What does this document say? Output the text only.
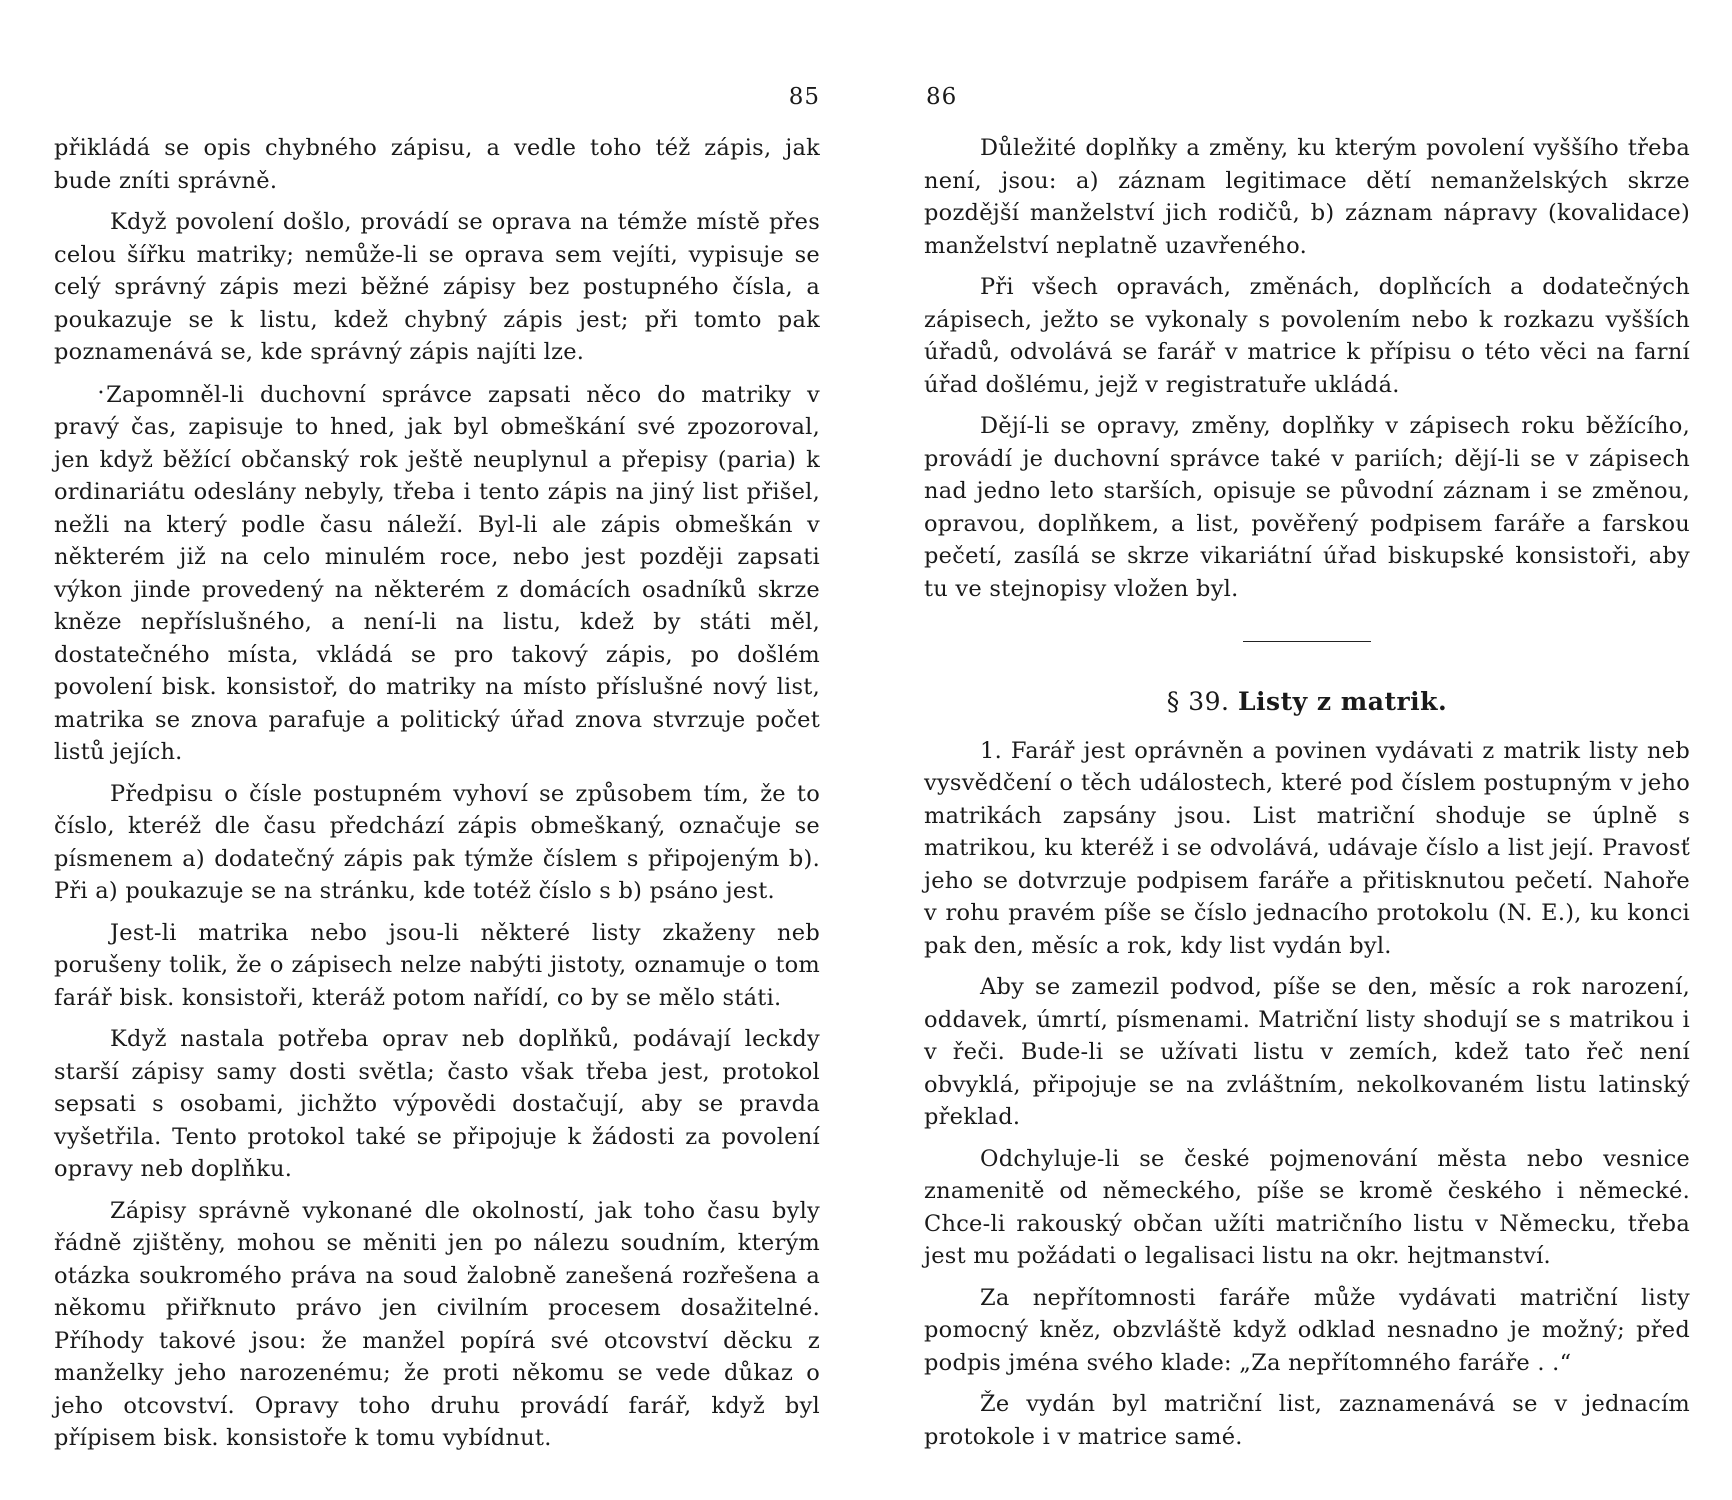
85

přikládá se opis chybného zápisu, a vedle toho též zápis, jak bude zníti správně.

Když povolení došlo, provádí se oprava na témže místě přes celou šířku matriky; nemůže-li se oprava sem vejíti, vypisuje se celý správný zápis mezi běžné zápisy bez postupného čísla, a poukazuje se k listu, kdež chybný zápis jest; při tomto pak poznamenává se, kde správný zápis najíti lze.

• Zapomněl-li duchovní správce zapsati něco do matriky v pravý čas, zapisuje to hned, jak byl obmeškání své zpozoroval, jen když běžící občanský rok ještě neuplynul a přepisy (paria) k ordinariátu odeslány nebyly, třeba i tento zápis na jiný list přišel, nežli na který podle času náleží. Byl-li ale zápis obmeškán v některém již na celo minulém roce, nebo jest později zapsati výkon jinde provedený na některém z domácích osadníků skrze kněze nepříslušného, a není-li na listu, kdež by státi měl, dostatečného místa, vkládá se pro takový zápis, po došlém povolení bisk. konsistoř, do matriky na místo příslušné nový list, matrika se znova parafuje a politický úřad znova stvrzuje počet listů jejích.

Předpisu o čísle postupném vyhoví se způsobem tím, že to číslo, kteréž dle času předchází zápis obmeškaný, označuje se písmenem a) dodatečný zápis pak týmže číslem s připojeným b). Při a) poukazuje se na stránku, kde totéž číslo s b) psáno jest.

Jest-li matrika nebo jsou-li některé listy zkaženy neb porušeny tolik, že o zápisech nelze nabýti jistoty, oznamuje o tom farář bisk. konsistoři, kteráž potom nařídí, co by se mělo státi.

Když nastala potřeba oprav neb doplňků, podávají leckdy starší zápisy samy dosti světla; často však třeba jest, protokol sepsati s osobami, jichžto výpovědi dostačují, aby se pravda vyšetřila. Tento protokol také se připojuje k žádosti za povolení opravy neb doplňku.

Zápisy správně vykonané dle okolností, jak toho času byly řádně zjištěny, mohou se měniti jen po nálezu soudním, kterým otázka soukromého práva na soud žalobně zanešená rozřešena a někomu přiřknuto právo jen civilním procesem dosažitelné. Příhody takové jsou: že manžel popírá své otcovství děcku z manželky jeho narozenému; že proti někomu se vede důkaz o jeho otcovství. Opravy toho druhu provádí farář, když byl přípisem bisk. konsistoře k tomu vybídnut.

86

Důležité doplňky a změny, ku kterým povolení vyššího třeba není, jsou: a) záznam legitimace dětí nemanželských skrze pozdější manželství jich rodičů, b) záznam nápravy (kovalidace) manželství neplatně uzavřeného.

Při všech opravách, změnách, doplňcích a dodatečných zápisech, ježto se vykonaly s povolením nebo k rozkazu vyšších úřadů, odvolává se farář v matrice k přípisu o této věci na farní úřad došlému, jejž v registratuře ukládá.

Dějí-li se opravy, změny, doplňky v zápisech roku běžícího, provádí je duchovní správce také v pariích; dějí-li se v zápisech nad jedno leto starších, opisuje se původní záznam i se změnou, opravou, doplňkem, a list, pověřený podpisem faráře a farskou pečetí, zasílá se skrze vikariátní úřad biskupské konsistoři, aby tu ve stejnopisy vložen byl.

§ 39. Listy z matrik.

1. Farář jest oprávněn a povinen vydávati z matrik listy neb vysvědčení o těch událostech, které pod číslem postupným v jeho matrikách zapsány jsou. List matriční shoduje se úplně s matrikou, ku kteréž i se odvolává, udávaje číslo a list její. Pravosť jeho se dotvrzuje podpisem faráře a přitisknutou pečetí. Nahoře v rohu pravém píše se číslo jednacího protokolu (N. E.), ku konci pak den, měsíc a rok, kdy list vydán byl.

Aby se zamezil podvod, píše se den, měsíc a rok narození, oddavek, úmrtí, písmenami. Matriční listy shodují se s matrikou i v řeči. Bude-li se užívati listu v zemích, kdež tato řeč není obvyklá, připojuje se na zvláštním, nekolkovaném listu latinský překlad.

Odchyluje-li se české pojmenování města nebo vesnice znamenitě od německého, píše se kromě českého i německé. Chce-li rakouský občan užíti matričního listu v Německu, třeba jest mu požádati o legalisaci listu na okr. hejtmanství.

Za nepřítomnosti faráře může vydávati matriční listy pomocný kněz, obzvláště když odklad nesnadno je možný; před podpis jména svého klade: „Za nepřítomného faráře . .“

Že vydán byl matriční list, zaznamenává se v jednacím protokole i v matrice samé.
